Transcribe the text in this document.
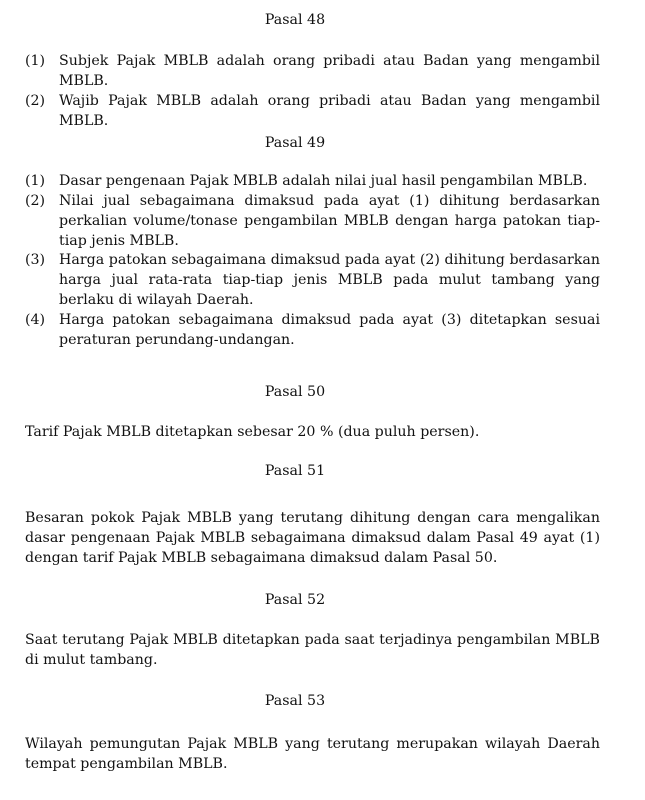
Pasal 48
(1) Subjek Pajak MBLB adalah orang pribadi atau Badan yang mengambil MBLB.
(2) Wajib Pajak MBLB adalah orang pribadi atau Badan yang mengambil MBLB.
Pasal 49
(1) Dasar pengenaan Pajak MBLB adalah nilai jual hasil pengambilan MBLB.
(2) Nilai jual sebagaimana dimaksud pada ayat (1) dihitung berdasarkan perkalian volume/tonase pengambilan MBLB dengan harga patokan tiap-tiap jenis MBLB.
(3) Harga patokan sebagaimana dimaksud pada ayat (2) dihitung berdasarkan harga jual rata-rata tiap-tiap jenis MBLB pada mulut tambang yang berlaku di wilayah Daerah.
(4) Harga patokan sebagaimana dimaksud pada ayat (3) ditetapkan sesuai peraturan perundang-undangan.
Pasal 50
Tarif Pajak MBLB ditetapkan sebesar 20 % (dua puluh persen).
Pasal 51
Besaran pokok Pajak MBLB yang terutang dihitung dengan cara mengalikan dasar pengenaan Pajak MBLB sebagaimana dimaksud dalam Pasal 49 ayat (1) dengan tarif Pajak MBLB sebagaimana dimaksud dalam Pasal 50.
Pasal 52
Saat terutang Pajak MBLB ditetapkan pada saat terjadinya pengambilan MBLB di mulut tambang.
Pasal 53
Wilayah pemungutan Pajak MBLB yang terutang merupakan wilayah Daerah tempat pengambilan MBLB.
